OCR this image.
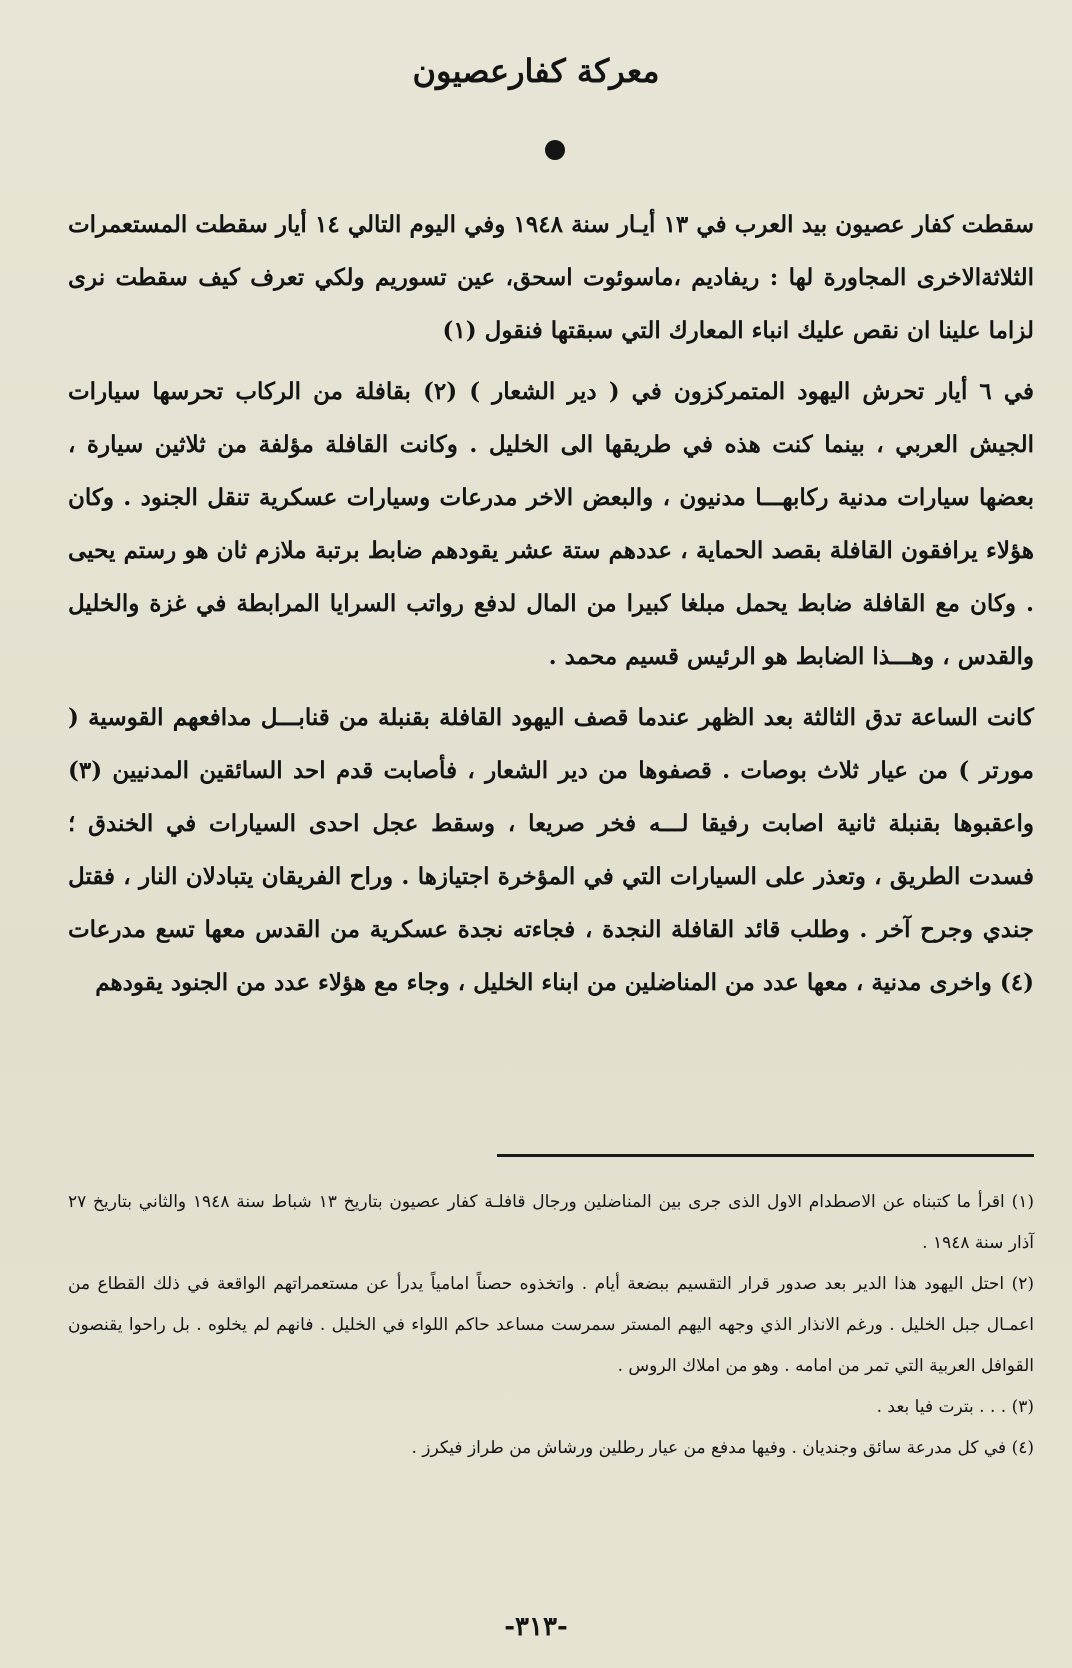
معركة كفارعصيون

سقطت كفار عصيون بيد العرب في ١٣ أيـار سنة ١٩٤٨ وفي اليوم التالي ١٤ أيار سقطت المستعمرات الثلاثةالاخرى المجاورة لها : ريفاديم ،ماسوئوت اسحق، عين تسوريم ولكي تعرف كيف سقطت نرى لزاما علينا ان نقص عليك انباء المعارك التي سبقتها فنقول (١)

في ٦ أيار تحرش اليهود المتمركزون في ( دير الشعار ) (٢) بقافلة من الركاب تحرسها سيارات الجيش العربي ، بينما كنت هذه في طريقها الى الخليل . وكانت القافلة مؤلفة من ثلاثين سيارة ، بعضها سيارات مدنية ركابهـــا مدنيون ، والبعض الاخر مدرعات وسيارات عسكرية تنقل الجنود . وكان هؤلاء يرافقون القافلة بقصد الحماية ، عددهم ستة عشر يقودهم ضابط برتبة ملازم ثان هو رستم يحيى . وكان مع القافلة ضابط يحمل مبلغا كبيرا من المال لدفع رواتب السرايا المرابطة في غزة والخليل والقدس ، وهـــذا الضابط هو الرئيس قسيم محمد .

كانت الساعة تدق الثالثة بعد الظهر عندما قصف اليهود القافلة بقنبلة من قنابـــل مدافعهم القوسية ( مورتر ) من عيار ثلاث بوصات . قصفوها من دير الشعار ، فأصابت قدم احد السائقين المدنيين (٣) واعقبوها بقنبلة ثانية اصابت رفيقا لـــه فخر صريعا ، وسقط عجل احدى السيارات في الخندق ؛ فسدت الطريق ، وتعذر على السيارات التي في المؤخرة اجتيازها . وراح الفريقان يتبادلان النار ، فقتل جندي وجرح آخر . وطلب قائد القافلة النجدة ، فجاءته نجدة عسكرية من القدس معها تسع مدرعات (٤) واخرى مدنية ، معها عدد من المناضلين من ابناء الخليل ، وجاء مع هؤلاء عدد من الجنود يقودهم

(١) اقرأ ما كتبناه عن الاصطدام الاول الذى جرى بين المناضلين ورجال قافلـة كفار عصيون بتاريخ ١٣ شباط سنة ١٩٤٨ والثاني بتاريخ ٢٧ آذار سنة ١٩٤٨ .

(٢) احتل اليهود هذا الدير بعد صدور قرار التقسيم ببضعة أيام . واتخذوه حصناً امامياً يدرأ عن مستعمراتهم الواقعة في ذلك القطاع من اعمـال جبل الخليل . ورغم الانذار الذي وجهه اليهم المستر سمرست مساعد حاكم اللواء في الخليل . فانهم لم يخلوه . بل راحوا يقنصون القوافل العربية التي تمر من امامه . وهو من املاك الروس .

(٣) . . . بترت فيا بعد .

(٤) في كل مدرعة سائق وجنديان . وفيها مدفع من عيار رطلين ورشاش من طراز فيكرز .

-٣١٣-
